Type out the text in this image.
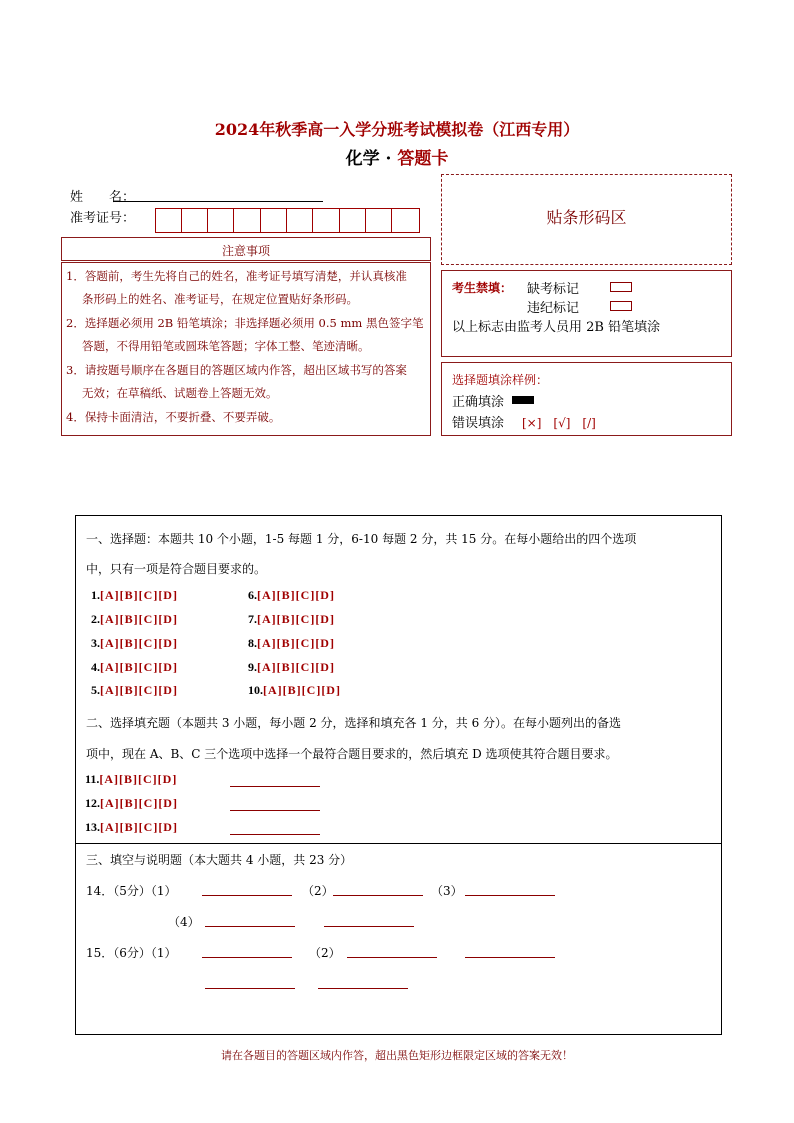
2024年秋季高一入学分班考试模拟卷（江西专用）
化学 · 答题卡
姓　　名：
准考证号：
注意事项
1．答题前，考生先将自己的姓名，准考证号填写清楚，并认真核准
条形码上的姓名、准考证号，在规定位置贴好条形码。
2．选择题必须用 2B 铅笔填涂；非选择题必须用 0.5 mm 黑色签字笔
答题，不得用铅笔或圆珠笔答题；字体工整、笔迹清晰。
3．请按题号顺序在各题目的答题区域内作答，超出区域书写的答案
无效；在草稿纸、试题卷上答题无效。
4．保持卡面清洁，不要折叠、不要弄破。
贴条形码区
考生禁填： 缺考标记
违纪标记
以上标志由监考人员用 2B 铅笔填涂
选择题填涂样例：
正确填涂
错误填涂 [×]　[√]　[/]
一、选择题：本题共 10 个小题，1-5 每题 1 分，6-10 每题 2 分，共 15 分。在每小题给出的四个选项
中，只有一项是符合题目要求的。
1.[A][B][C][D]
2.[A][B][C][D]
3.[A][B][C][D]
4.[A][B][C][D]
5.[A][B][C][D]
6.[A][B][C][D]
7.[A][B][C][D]
8.[A][B][C][D]
9.[A][B][C][D]
10.[A][B][C][D]
二、选择填充题（本题共 3 小题，每小题 2 分，选择和填充各 1 分，共 6 分）。在每小题列出的备选
项中，现在 A、B、C 三个选项中选择一个最符合题目要求的，然后填充 D 选项使其符合题目要求。
11.[A][B][C][D]
12.[A][B][C][D]
13.[A][B][C][D]
三、填空与说明题（本大题共 4 小题，共 23 分）
14．（5分）（1）	（2）	（3）
（4）
15．（6分）（1）	（2）
请在各题目的答题区域内作答，超出黑色矩形边框限定区域的答案无效！
